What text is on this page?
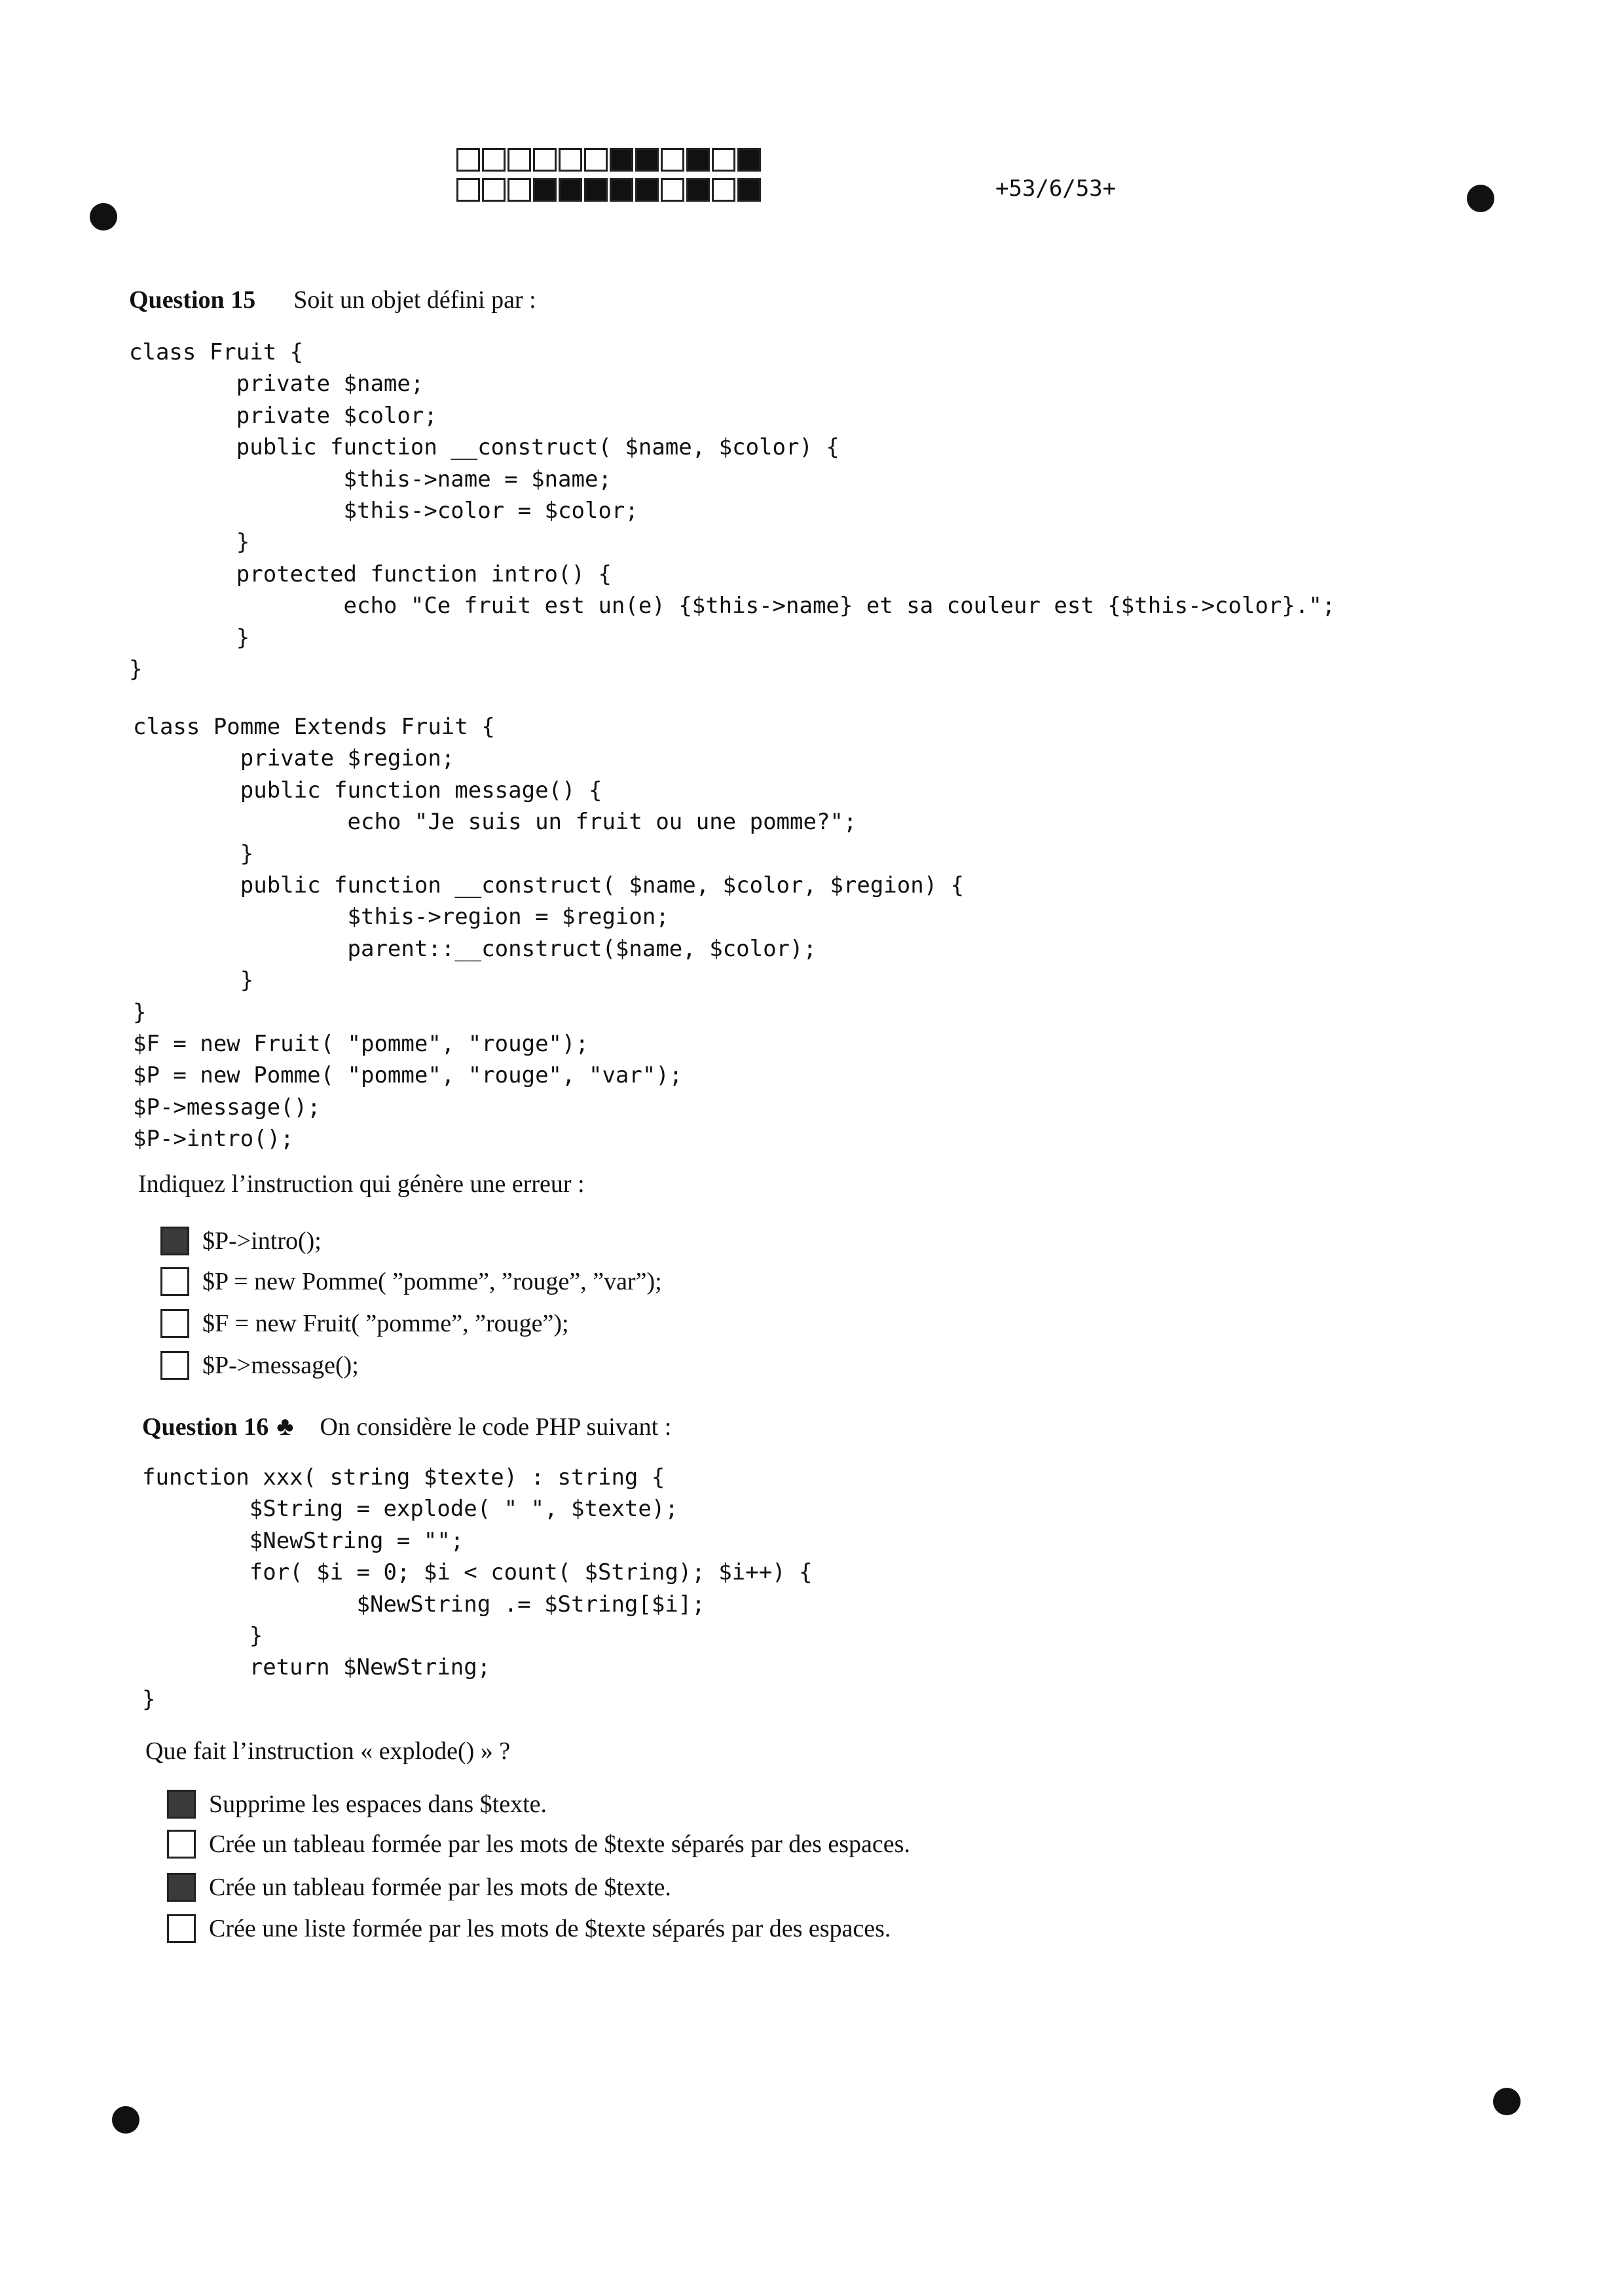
+53/6/53+
Question 15 Soit un objet défini par :
class Fruit {
private $name;
private $color;
public function __construct( $name, $color) {
$this->name = $name;
$this->color = $color;
}
protected function intro() {
echo "Ce fruit est un(e) {$this->name} et sa couleur est {$this->color}.";
}
}
class Pomme Extends Fruit {
private $region;
public function message() {
echo "Je suis un fruit ou une pomme?";
}
public function __construct( $name, $color, $region) {
$this->region = $region;
parent::__construct($name, $color);
}
}
$F = new Fruit( "pomme", "rouge");
$P = new Pomme( "pomme", "rouge", "var");
$P->message();
$P->intro();
Indiquez l’instruction qui génère une erreur :
$P->intro();
$P = new Pomme( ”pomme”, ”rouge”, ”var”);
$F = new Fruit( ”pomme”, ”rouge”);
$P->message();
Question 16 ♣ On considère le code PHP suivant :
function xxx( string $texte) : string {
$String = explode( " ", $texte);
$NewString = "";
for( $i = 0; $i < count( $String); $i++) {
$NewString .= $String[$i];
}
return $NewString;
}
Que fait l’instruction « explode() » ?
Supprime les espaces dans $texte.
Crée un tableau formée par les mots de $texte séparés par des espaces.
Crée un tableau formée par les mots de $texte.
Crée une liste formée par les mots de $texte séparés par des espaces.
